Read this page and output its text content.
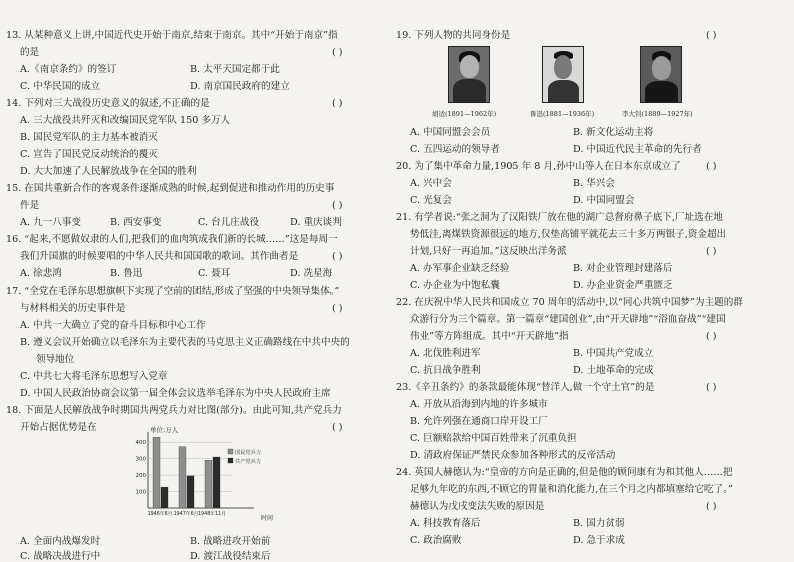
13. 从某种意义上讲,中国近代史开始于南京,结束于南京。其中“开始于南京”指
的是	( )
A.《南京条约》的签订	B. 太平天国定都于此
C. 中华民国的成立	D. 南京国民政府的建立
14. 下列对三大战役历史意义的叙述,不正确的是	( )
A. 三大战役共歼灭和改编国民党军队 150 多万人
B. 国民党军队的主力基本被消灭
C. 宣告了国民党反动统治的覆灭
D. 大大加速了人民解放战争在全国的胜利
15. 在国共重新合作的客观条件逐渐成熟的时候,起到促进和推动作用的历史事
件是	( )
A. 九一八事变	B. 西安事变	C. 台儿庄战役	D. 重庆谈判
16. “起来,不愿做奴隶的人们,把我们的血肉筑成我们新的长城……”这是每周一
我们升国旗的时候要唱的中华人民共和国国歌的歌词。其作曲者是	( )
A. 徐悲鸿	B. 鲁迅	C. 聂耳	D. 冼星海
17. “全党在毛泽东思想旗帜下实现了空前的团结,形成了坚强的中央领导集体。”
与材料相关的历史事件是	( )
A. 中共一大确立了党的奋斗目标和中心工作
B. 遵义会议开始确立以毛泽东为主要代表的马克思主义正确路线在中共中央的
领导地位
C. 中共七大将毛泽东思想写入党章
D. 中国人民政治协商会议第一届全体会议选举毛泽东为中央人民政府主席
18. 下面是人民解放战争时期国共两党兵力对比图(部分)。由此可知,共产党兵力
开始占据优势是在	( )
单位:万人
100
200
300
400
1946年6月 1947年6月 1948年11月
国民党兵力
共产党兵力
时间
A. 全面内战爆发时	B. 战略进攻开始前
C. 战略决战进行中	D. 渡江战役结束后
19. 下列人物的共同身份是	( )
胡适(1891—1962年)	鲁迅(1881—1936年)	李大钊(1889—1927年)
A. 中国同盟会会员	B. 新文化运动主将
C. 五四运动的领导者	D. 中国近代民主革命的先行者
20. 为了集中革命力量,1905 年 8 月,孙中山等人在日本东京成立了	( )
A. 兴中会	B. 华兴会
C. 光复会	D. 中国同盟会
21. 有学者说:“张之洞为了汉阳铁厂放在他的湖广总督府鼻子底下,厂址选在地
势低洼,离煤铁资源很远的地方,仅垫高铺平就花去三十多万两银子,资金超出
计划,只好一再追加。”这反映出洋务派	( )
A. 办军事企业缺乏经验	B. 对企业管理封建落后
C. 办企业为中饱私囊	D. 办企业资金严重匮乏
22. 在庆祝中华人民共和国成立 70 周年的活动中,以“同心共筑中国梦”为主题的群
众游行分为三个篇章。第一篇章“建国创业”,由“开天辟地”“浴血奋战”“建国
伟业”等方阵组成。其中“开天辟地”指	( )
A. 北伐胜利进军	B. 中国共产党成立
C. 抗日战争胜利	D. 土地革命的完成
23.《辛丑条约》的条款最能体现“替洋人,做一个守土官”的是	( )
A. 开放从沿海到内地的许多城市
B. 允许列强在通商口岸开设工厂
C. 巨额赔款给中国百姓带来了沉重负担
D. 清政府保证严禁民众参加各种形式的反帝活动
24. 英国人赫德认为:“皇帝的方向是正确的,但是他的顾问康有为和其他人……把
足够九年吃的东西,不顾它的胃量和消化能力,在三个月之内都填塞给它吃了。”
赫德认为戊戌变法失败的原因是	( )
A. 科技教育落后	B. 国力贫弱
C. 政治腐败	D. 急于求成
